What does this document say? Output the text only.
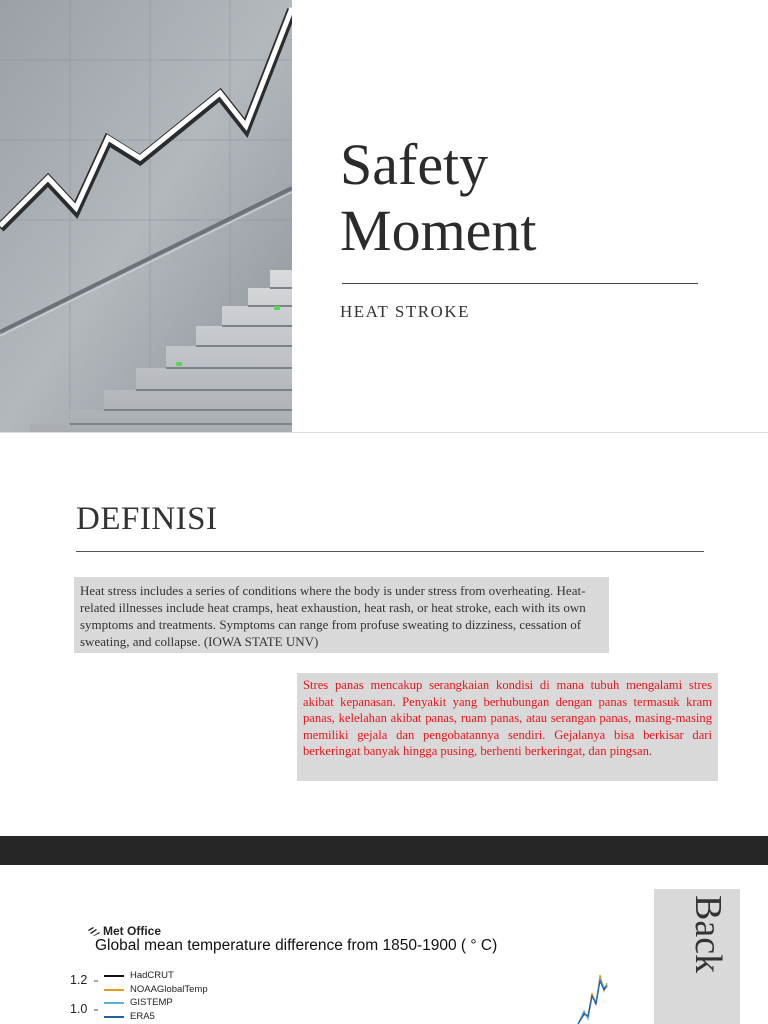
Safety
Moment
HEAT STROKE
DEFINISI
Heat stress includes a series of conditions where the body is under stress from overheating. Heat-related illnesses include heat cramps, heat exhaustion, heat rash, or heat stroke, each with its own symptoms and treatments. Symptoms can range from profuse sweating to dizziness, cessation of sweating, and collapse. (IOWA STATE UNV)
Stres panas mencakup serangkaian kondisi di mana tubuh mengalami stres akibat kepanasan. Penyakit yang berhubungan dengan panas termasuk kram panas, kelelahan akibat panas, ruam panas, atau serangan panas, masing-masing memiliki gejala dan pengobatannya sendiri. Gejalanya bisa berkisar dari berkeringat banyak hingga pusing, berhenti berkeringat, dan pingsan.
Met Office
Global mean temperature difference from 1850-1900 ( ° C)
1.2
1.0
HadCRUT
NOAAGlobalTemp
GISTEMP
ERA5
Back
